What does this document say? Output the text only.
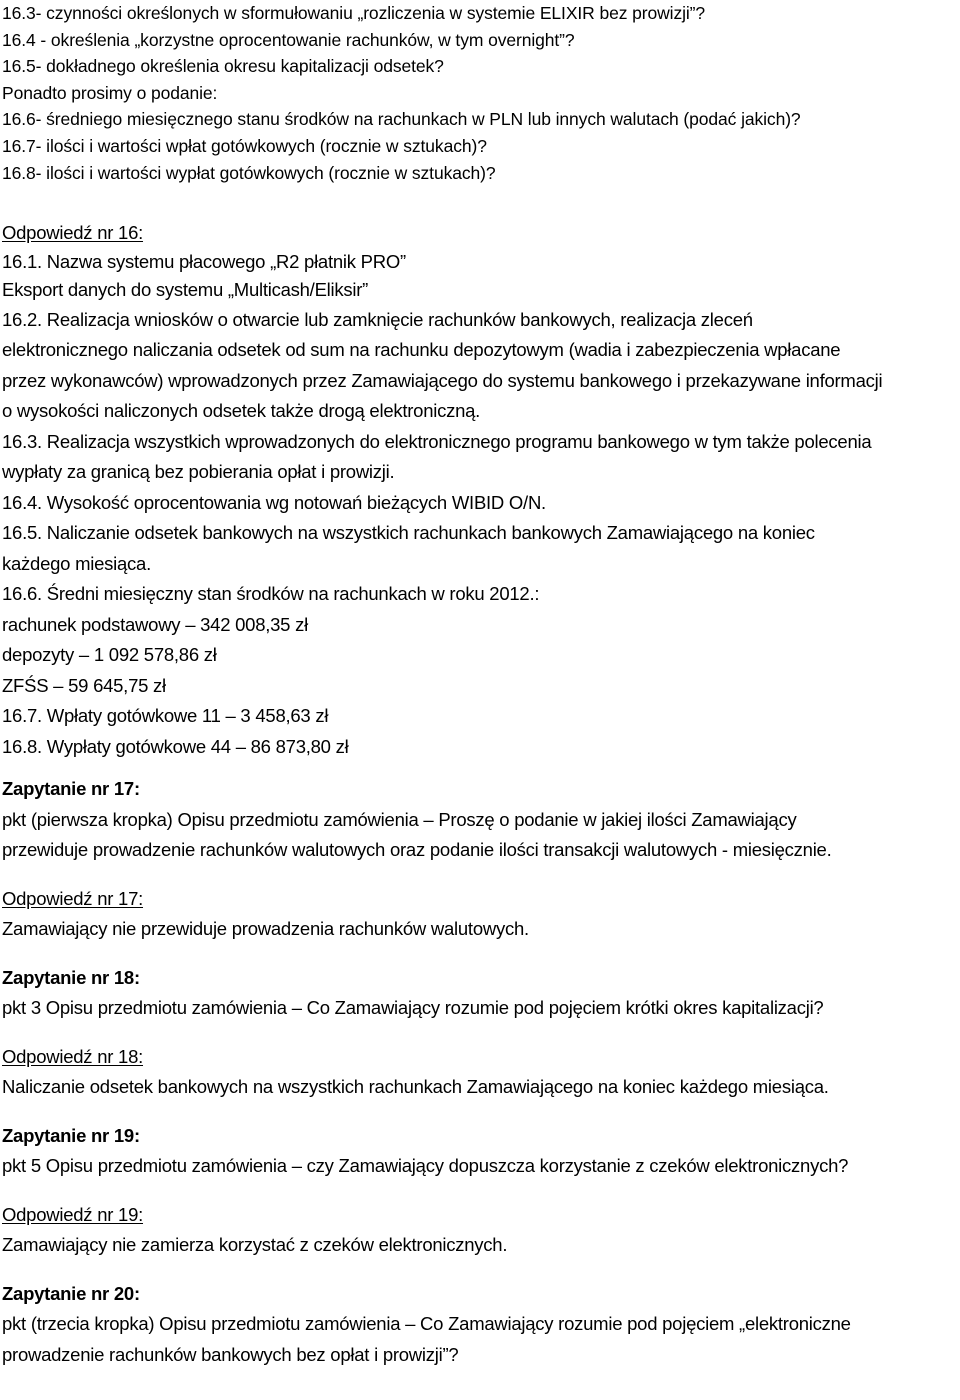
16.3- czynności określonych w sformułowaniu „rozliczenia w systemie ELIXIR bez prowizji”?
16.4 - określenia „korzystne oprocentowanie rachunków, w tym overnight”?
16.5- dokładnego określenia okresu kapitalizacji odsetek?
Ponadto prosimy o podanie:
16.6- średniego miesięcznego stanu środków na rachunkach w PLN lub innych walutach (podać jakich)?
16.7- ilości i wartości wpłat gotówkowych (rocznie w sztukach)?
16.8- ilości i wartości wypłat gotówkowych (rocznie w sztukach)?
Odpowiedź nr 16:
16.1. Nazwa systemu płacowego „R2 płatnik PRO”
Eksport danych do systemu „Multicash/Eliksir”
16.2. Realizacja wniosków o otwarcie lub zamknięcie rachunków bankowych, realizacja zleceń
elektronicznego naliczania odsetek od sum na rachunku depozytowym (wadia i zabezpieczenia wpłacane
przez wykonawców) wprowadzonych przez Zamawiającego do systemu bankowego i przekazywane informacji
o wysokości naliczonych odsetek także drogą elektroniczną.
16.3. Realizacja wszystkich wprowadzonych do elektronicznego programu bankowego w tym także polecenia
wypłaty za granicą bez pobierania opłat i prowizji.
16.4. Wysokość oprocentowania wg notowań bieżących WIBID O/N.
16.5. Naliczanie odsetek bankowych na wszystkich rachunkach bankowych Zamawiającego na koniec
każdego miesiąca.
16.6. Średni miesięczny stan środków na rachunkach w roku 2012.:
rachunek podstawowy – 342 008,35 zł
depozyty – 1 092 578,86 zł
ZFŚS – 59 645,75 zł
16.7. Wpłaty gotówkowe 11 – 3 458,63 zł
16.8. Wypłaty gotówkowe 44 – 86 873,80 zł
Zapytanie nr 17:
pkt (pierwsza kropka) Opisu przedmiotu zamówienia – Proszę o podanie w jakiej ilości Zamawiający
przewiduje prowadzenie rachunków walutowych oraz podanie ilości transakcji walutowych - miesięcznie.
Odpowiedź nr 17:
Zamawiający nie przewiduje prowadzenia rachunków walutowych.
Zapytanie nr 18:
pkt 3 Opisu przedmiotu zamówienia – Co Zamawiający rozumie pod pojęciem krótki okres kapitalizacji?
Odpowiedź nr 18:
Naliczanie odsetek bankowych na wszystkich rachunkach Zamawiającego na koniec każdego miesiąca.
Zapytanie nr 19:
pkt 5 Opisu przedmiotu zamówienia – czy Zamawiający dopuszcza korzystanie z czeków elektronicznych?
Odpowiedź nr 19:
Zamawiający nie zamierza korzystać z czeków elektronicznych.
Zapytanie nr 20:
pkt (trzecia kropka) Opisu przedmiotu zamówienia – Co Zamawiający rozumie pod pojęciem „elektroniczne
prowadzenie rachunków bankowych bez opłat i prowizji”?
